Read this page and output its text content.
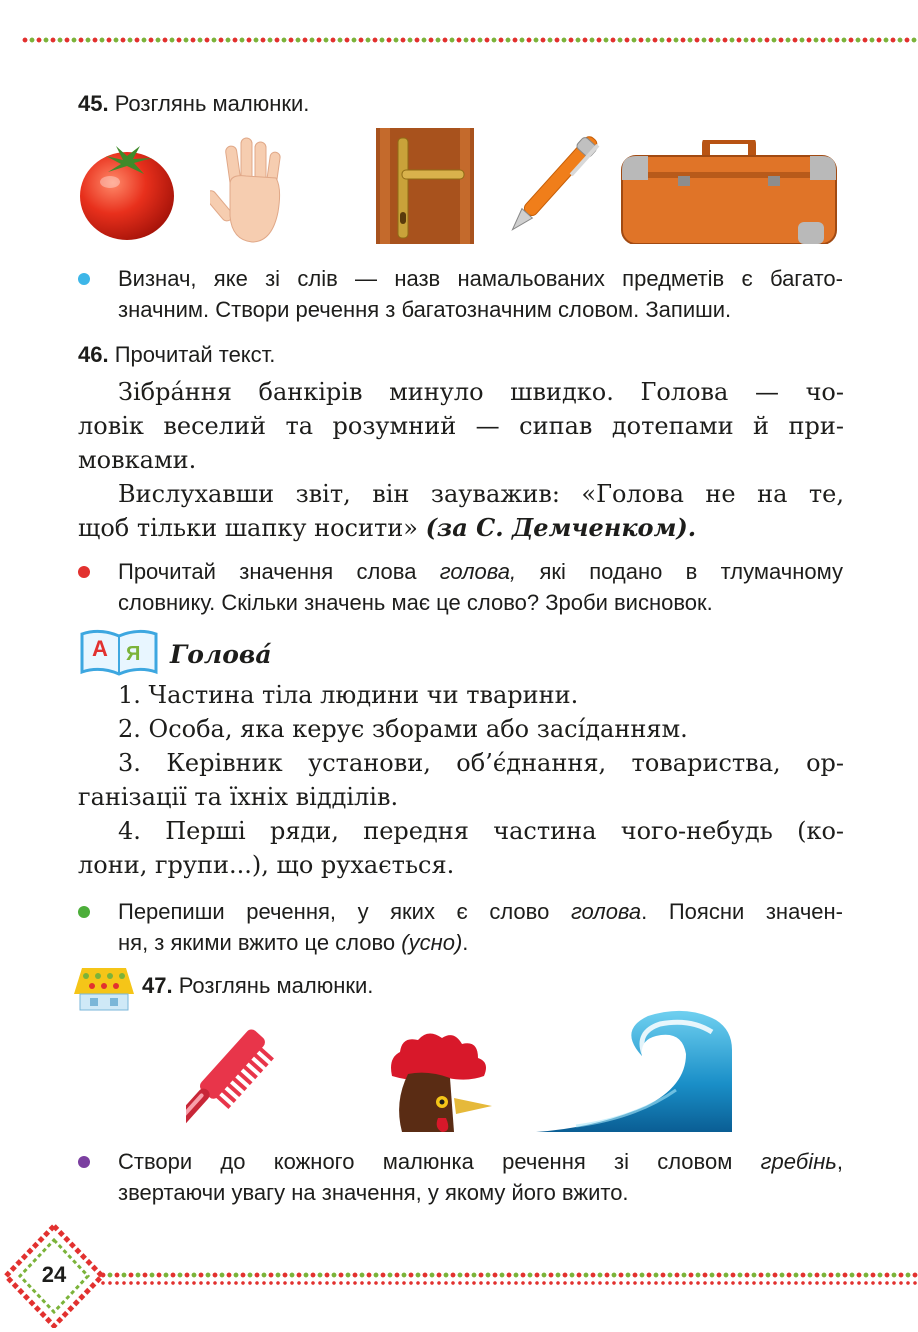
45. Розглянь малюнки.
Визнач, яке зі слів — назв намальованих предметів є багато-
значним. Створи речення з багатозначним словом. Запиши.
46. Прочитай текст.
Зібра́ння банкірів минуло швидко. Голова — чо-
ловік веселий та розумний — сипав дотепами й при-
мовками.
Вислухавши звіт, він зауважив: «Голова не на те,
щоб тільки шапку носити» (за С. Демченком).
Прочитай значення слова голова, які подано в тлумачному
словнику. Скільки значень має це слово? Зроби висновок.
А Я Голова́
1. Частина тіла людини чи тварини.
2. Особа, яка керує зборами або засі́данням.
3. Керівник установи, об’є́днання, товариства, ор-
ганізації та їхніх відділів.
4. Перші ряди, передня частина чого-небудь (ко-
лони, групи...), що рухається.
Перепиши речення, у яких є слово голова. Поясни значен-
ня, з якими вжито це слово (усно).
47. Розглянь малюнки.
Створи до кожного малюнка речення зі словом гребінь,
звертаючи увагу на значення, у якому його вжито.
24
